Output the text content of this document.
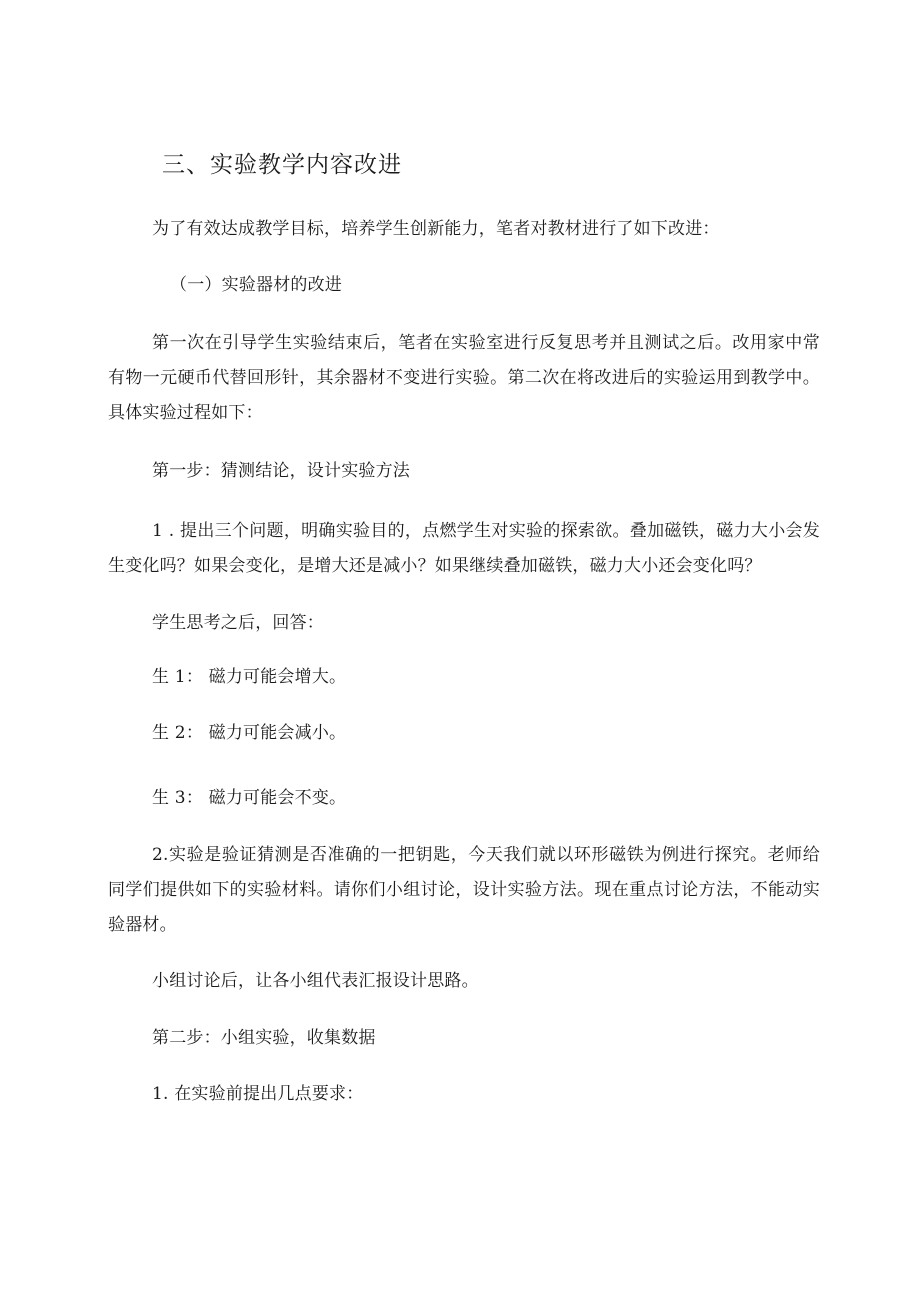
三、实验教学内容改进
为了有效达成教学目标，培养学生创新能力，笔者对教材进行了如下改进：
（一）实验器材的改进
第一次在引导学生实验结束后，笔者在实验室进行反复思考并且测试之后。改用家中常有物一元硬币代替回形针，其余器材不变进行实验。第二次在将改进后的实验运用到教学中。具体实验过程如下：
第一步：猜测结论，设计实验方法
1 . 提出三个问题，明确实验目的，点燃学生对实验的探索欲。叠加磁铁，磁力大小会发生变化吗？如果会变化，是增大还是减小？如果继续叠加磁铁，磁力大小还会变化吗？
学生思考之后，回答：
生 1： 磁力可能会增大。
生 2： 磁力可能会减小。
生 3： 磁力可能会不变。
2.实验是验证猜测是否准确的一把钥匙，今天我们就以环形磁铁为例进行探究。老师给同学们提供如下的实验材料。请你们小组讨论，设计实验方法。现在重点讨论方法，不能动实验器材。
小组讨论后，让各小组代表汇报设计思路。
第二步：小组实验，收集数据
1. 在实验前提出几点要求：
